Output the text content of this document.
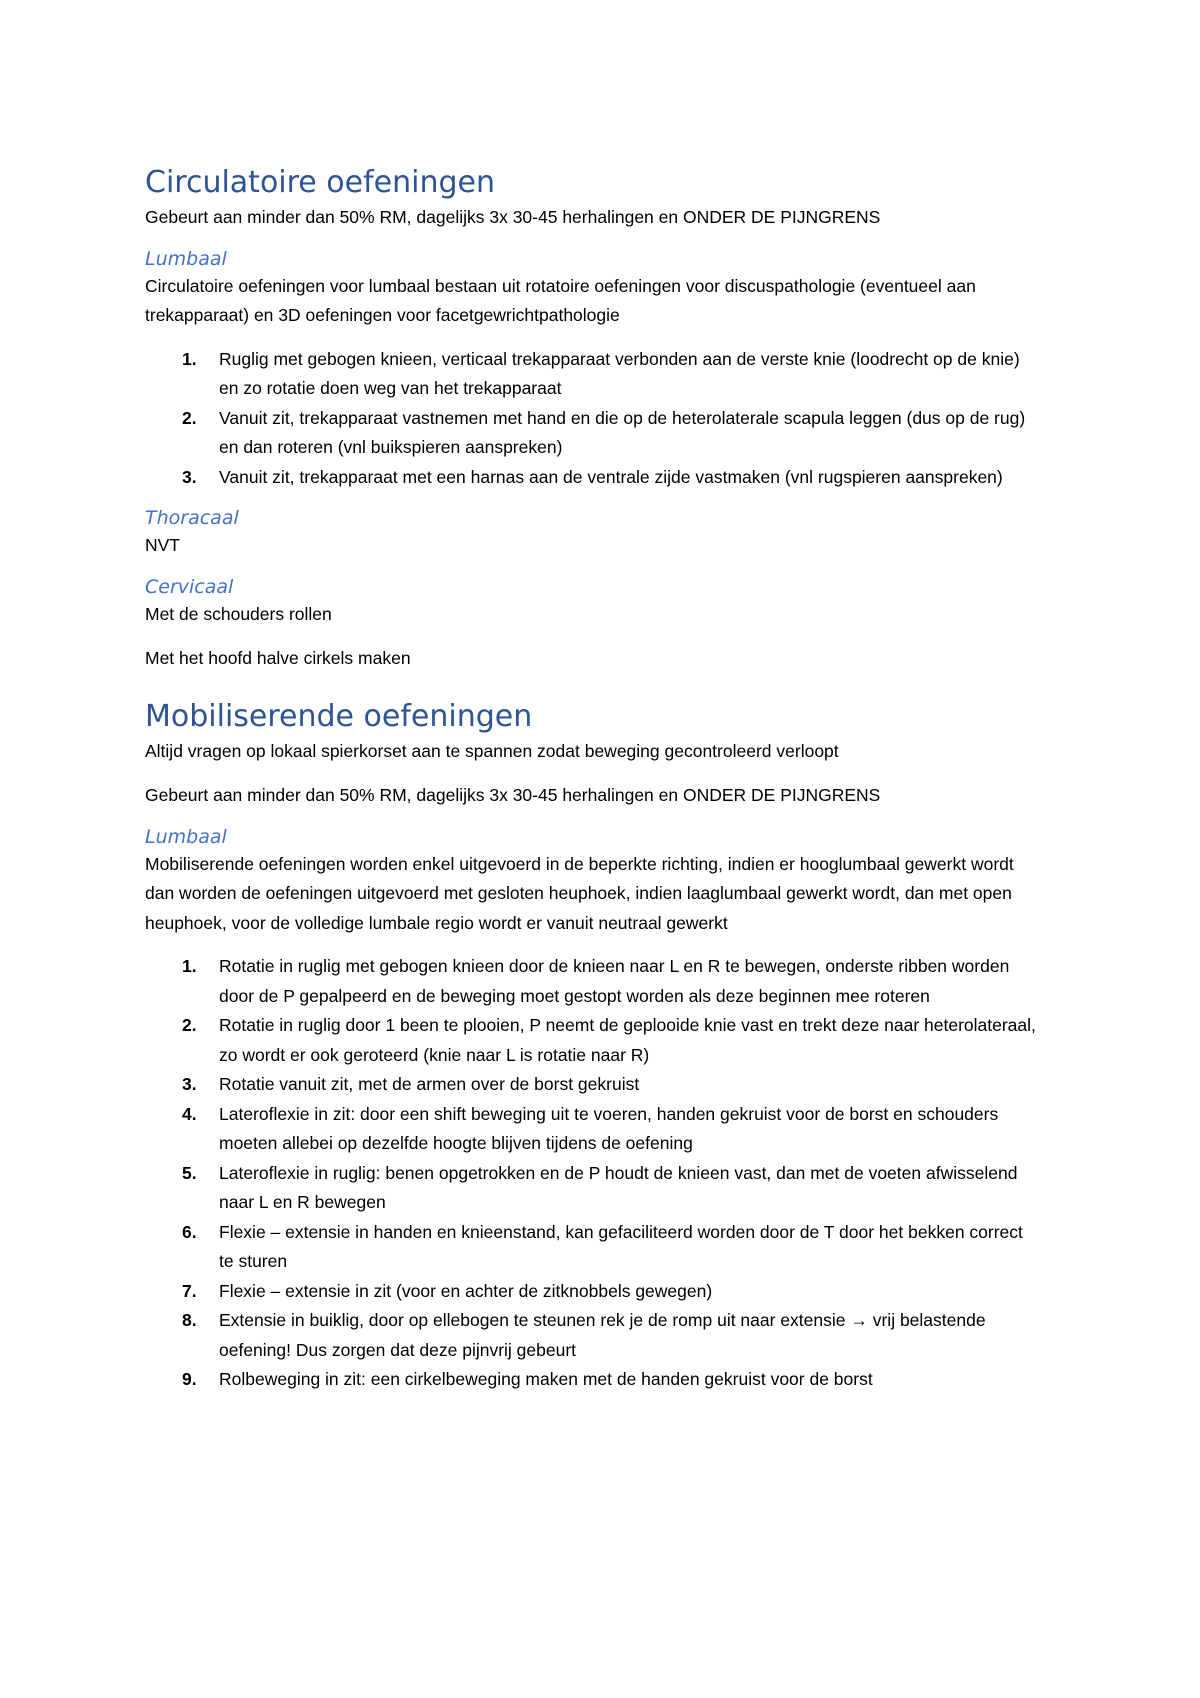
Circulatoire oefeningen

Gebeurt aan minder dan 50% RM, dagelijks 3x 30-45 herhalingen en ONDER DE PIJNGRENS

Lumbaal

Circulatoire oefeningen voor lumbaal bestaan uit rotatoire oefeningen voor discuspathologie (eventueel aan trekapparaat) en 3D oefeningen voor facetgewrichtpathologie

1. Ruglig met gebogen knieen, verticaal trekapparaat verbonden aan de verste knie (loodrecht op de knie) en zo rotatie doen weg van het trekapparaat
2. Vanuit zit, trekapparaat vastnemen met hand en die op de heterolaterale scapula leggen (dus op de rug) en dan roteren (vnl buikspieren aanspreken)
3. Vanuit zit, trekapparaat met een harnas aan de ventrale zijde vastmaken (vnl rugspieren aanspreken)
Thoracaal

NVT

Cervicaal

Met de schouders rollen

Met het hoofd halve cirkels maken

Mobiliserende oefeningen

Altijd vragen op lokaal spierkorset aan te spannen zodat beweging gecontroleerd verloopt

Gebeurt aan minder dan 50% RM, dagelijks 3x 30-45 herhalingen en ONDER DE PIJNGRENS

Lumbaal

Mobiliserende oefeningen worden enkel uitgevoerd in de beperkte richting, indien er hooglumbaal gewerkt wordt dan worden de oefeningen uitgevoerd met gesloten heuphoek, indien laaglumbaal gewerkt wordt, dan met open heuphoek, voor de volledige lumbale regio wordt er vanuit neutraal gewerkt

1. Rotatie in ruglig met gebogen knieen door de knieen naar L en R te bewegen, onderste ribben worden door de P gepalpeerd en de beweging moet gestopt worden als deze beginnen mee roteren
2. Rotatie in ruglig door 1 been te plooien, P neemt de geplooide knie vast en trekt deze naar heterolateraal, zo wordt er ook geroteerd (knie naar L is rotatie naar R)
3. Rotatie vanuit zit, met de armen over de borst gekruist
4. Lateroflexie in zit: door een shift beweging uit te voeren, handen gekruist voor de borst en schouders moeten allebei op dezelfde hoogte blijven tijdens de oefening
5. Lateroflexie in ruglig: benen opgetrokken en de P houdt de knieen vast, dan met de voeten afwisselend naar L en R bewegen
6. Flexie – extensie in handen en knieenstand, kan gefaciliteerd worden door de T door het bekken correct te sturen
7. Flexie – extensie in zit (voor en achter de zitknobbels gewegen)
8. Extensie in buiklig, door op ellebogen te steunen rek je de romp uit naar extensie → vrij belastende oefening! Dus zorgen dat deze pijnvrij gebeurt
9. Rolbeweging in zit: een cirkelbeweging maken met de handen gekruist voor de borst
